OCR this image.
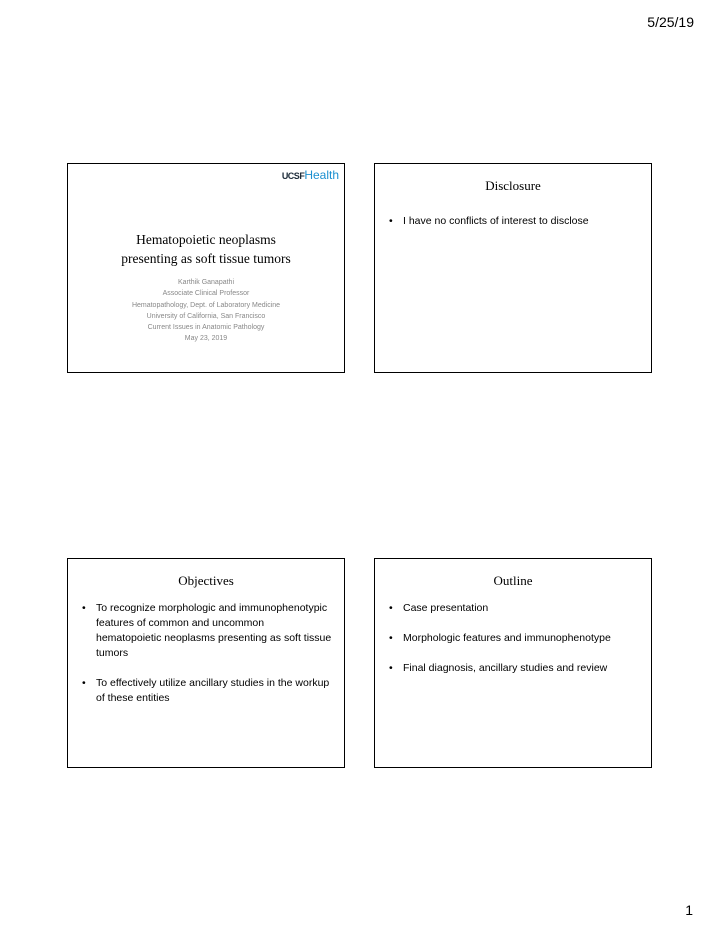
5/25/19
UCSFHealth
Hematopoietic neoplasms
presenting as soft tissue tumors
Karthik Ganapathi
Associate Clinical Professor
Hematopathology, Dept. of Laboratory Medicine
University of California, San Francisco
Current Issues in Anatomic Pathology
May 23, 2019
Disclosure
• I have no conflicts of interest to disclose
Objectives
• To recognize morphologic and immunophenotypic features of common and uncommon hematopoietic neoplasms presenting as soft tissue tumors
• To effectively utilize ancillary studies in the workup of these entities
Outline
• Case presentation
• Morphologic features and immunophenotype
• Final diagnosis, ancillary studies and review
1
